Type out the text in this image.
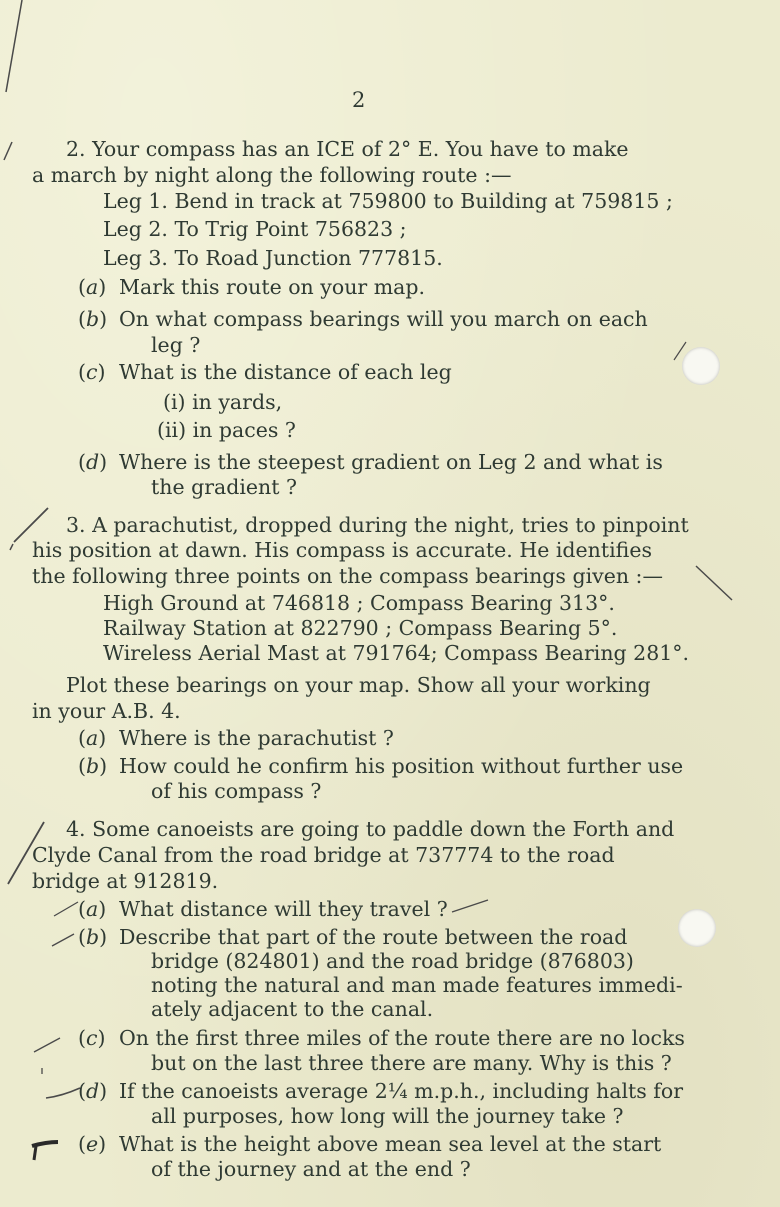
2
2. Your compass has an ICE of 2° E. You have to make
a march by night along the following route :—
Leg 1. Bend in track at 759800 to Building at 759815 ;
Leg 2. To Trig Point 756823 ;
Leg 3. To Road Junction 777815.
(a) Mark this route on your map.
(b) On what compass bearings will you march on each
leg ?
(c) What is the distance of each leg
(i) in yards,
(ii) in paces ?
(d) Where is the steepest gradient on Leg 2 and what is
the gradient ?
3. A parachutist, dropped during the night, tries to pinpoint
his position at dawn. His compass is accurate. He identifies
the following three points on the compass bearings given :—
High Ground at 746818 ; Compass Bearing 313°.
Railway Station at 822790 ; Compass Bearing 5°.
Wireless Aerial Mast at 791764; Compass Bearing 281°.
Plot these bearings on your map. Show all your working
in your A.B. 4.
(a) Where is the parachutist ?
(b) How could he confirm his position without further use
of his compass ?
4. Some canoeists are going to paddle down the Forth and
Clyde Canal from the road bridge at 737774 to the road
bridge at 912819.
(a) What distance will they travel ?
(b) Describe that part of the route between the road
bridge (824801) and the road bridge (876803)
noting the natural and man made features immedi-
ately adjacent to the canal.
(c) On the first three miles of the route there are no locks
but on the last three there are many. Why is this ?
(d) If the canoeists average 2¼ m.p.h., including halts for
all purposes, how long will the journey take ?
(e) What is the height above mean sea level at the start
of the journey and at the end ?
